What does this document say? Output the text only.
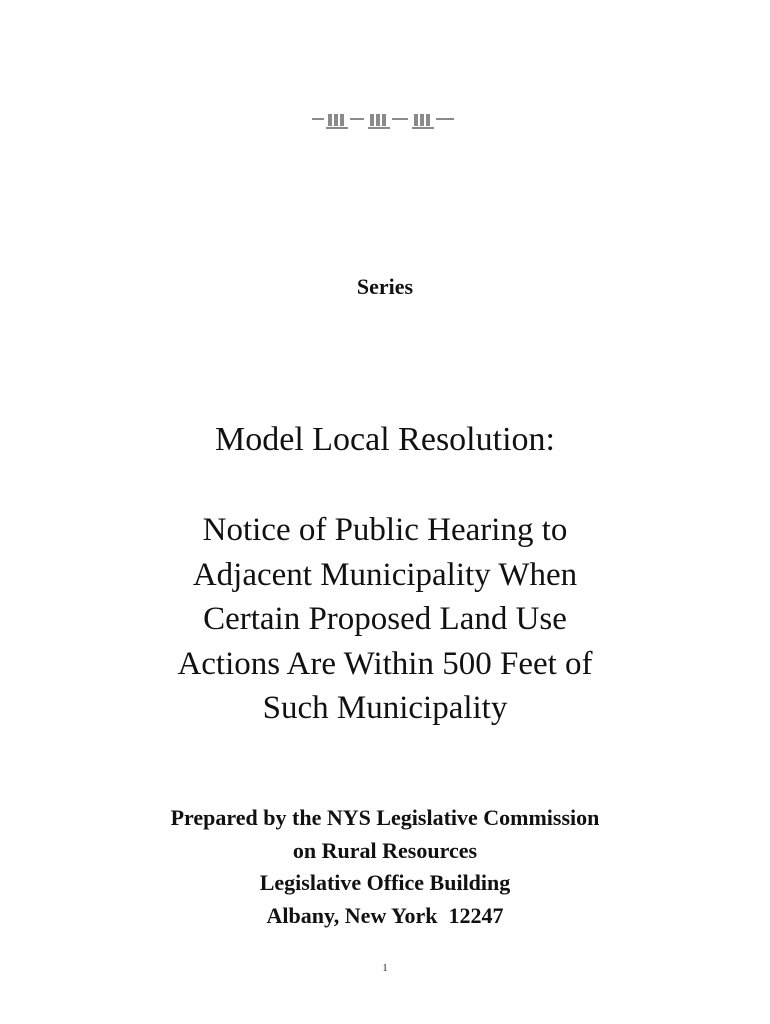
Series
Model Local Resolution:
Notice of Public Hearing to
Adjacent Municipality When
Certain Proposed Land Use
Actions Are Within 500 Feet of
Such Municipality
Prepared by the NYS Legislative Commission
on Rural Resources
Legislative Office Building
Albany, New York  12247
1
